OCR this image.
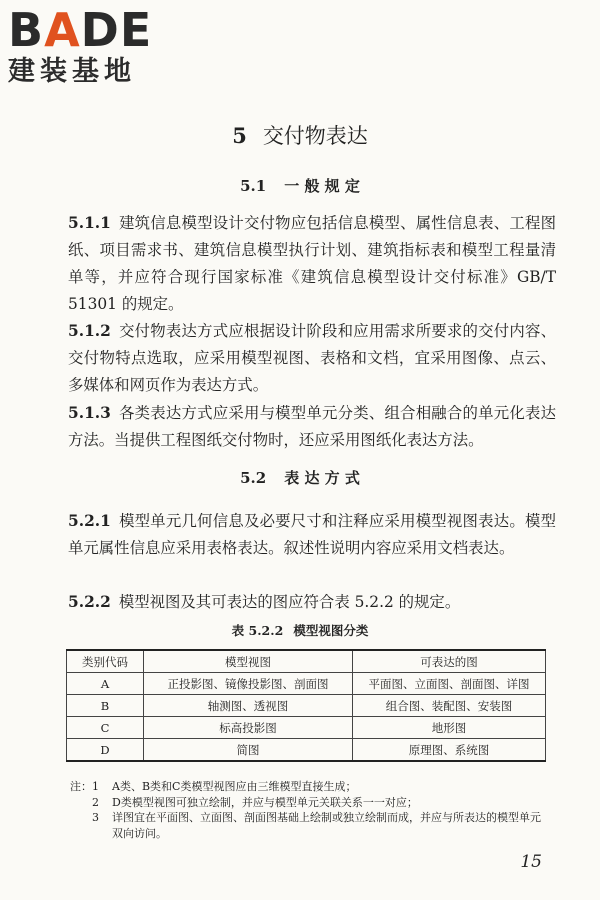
BADE
建装基地
5 交付物表达
5.1 一 般 规 定
5.1.1 建筑信息模型设计交付物应包括信息模型、属性信息表、工程图纸、项目需求书、建筑信息模型执行计划、建筑指标表和模型工程量清单等，并应符合现行国家标准《建筑信息模型设计交付标准》GB/T 51301 的规定。
5.1.2 交付物表达方式应根据设计阶段和应用需求所要求的交付内容、交付物特点选取，应采用模型视图、表格和文档，宜采用图像、点云、多媒体和网页作为表达方式。
5.1.3 各类表达方式应采用与模型单元分类、组合相融合的单元化表达方法。当提供工程图纸交付物时，还应采用图纸化表达方法。
5.2 表 达 方 式
5.2.1 模型单元几何信息及必要尺寸和注释应采用模型视图表达。模型单元属性信息应采用表格表达。叙述性说明内容应采用文档表达。
5.2.2 模型视图及其可表达的图应符合表 5.2.2 的规定。
表 5.2.2 模型视图分类
类别代码	模型视图	可表达的图
A	正投影图、镜像投影图、剖面图	平面图、立面图、剖面图、详图
B	轴测图、透视图	组合图、装配图、安装图
C	标高投影图	地形图
D	简图	原理图、系统图
注： 1	A类、B类和C类模型视图应由三维模型直接生成；
2	D类模型视图可独立绘制，并应与模型单元关联关系一一对应；
3	详图宜在平面图、立面图、剖面图基础上绘制或独立绘制而成，并应与所表达的模型单元双向访问。
15
